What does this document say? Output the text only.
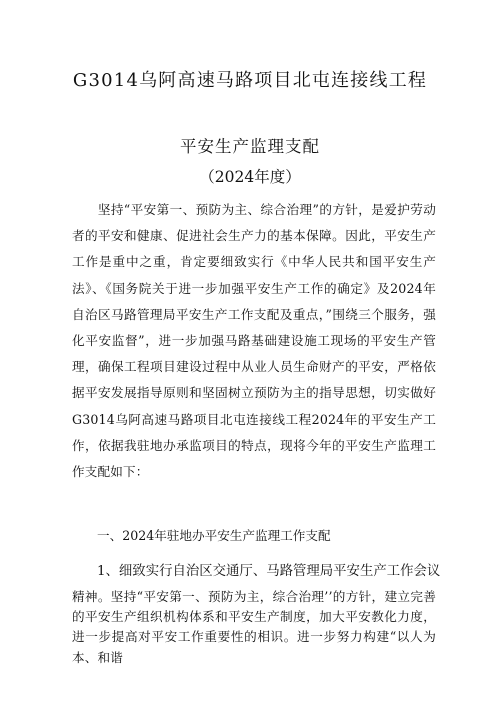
G3014乌阿高速马路项目北屯连接线工程
平安生产监理支配
（2024年度）

坚持“平安第一、预防为主、综合治理”的方针，是爱护劳动者的平安和健康、促进社会生产力的基本保障。因此，平安生产工作是重中之重，肯定要细致实行《中华人民共和国平安生产法》、《国务院关于进一步加强平安生产工作的确定》及2024年自治区马路管理局平安生产工作支配及重点，”围绕三个服务，强化平安监督”，进一步加强马路基础建设施工现场的平安生产管理，确保工程项目建设过程中从业人员生命财产的平安，严格依据平安发展指导原则和坚固树立预防为主的指导思想，切实做好G3014乌阿高速马路项目北屯连接线工程2024年的平安生产工作，依据我驻地办承监项目的特点，现将今年的平安生产监理工作支配如下：

一、2024年驻地办平安生产监理工作支配
1、细致实行自治区交通厅、马路管理局平安生产工作会议

精神。坚持“平安第一、预防为主，综合治理’’的方针，建立完善的平安生产组织机构体系和平安生产制度，加大平安教化力度，进一步提高对平安工作重要性的相识。进一步努力构建“以人为本、和谐
